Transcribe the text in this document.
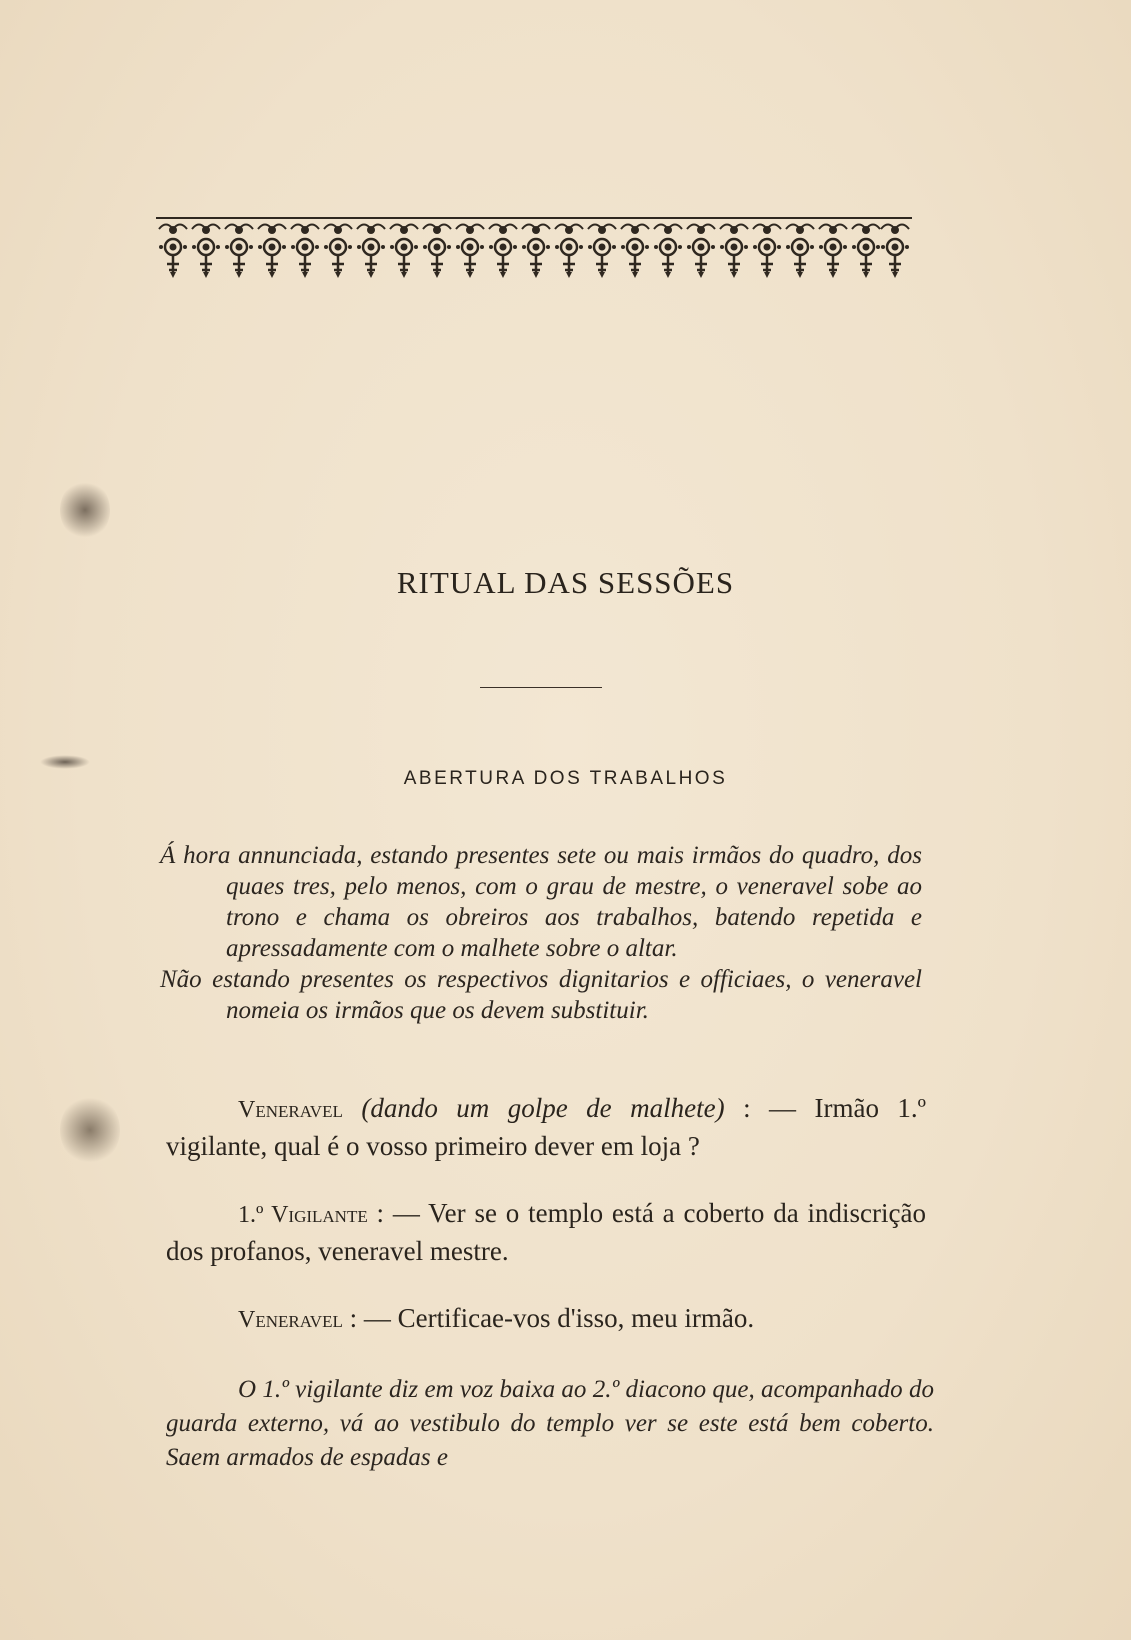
RITUAL DAS SESSÕES
ABERTURA DOS TRABALHOS

Á hora annunciada, estando presentes sete ou mais irmãos do quadro, dos quaes tres, pelo menos, com o grau de mestre, o veneravel sobe ao trono e chama os obreiros aos trabalhos, batendo repetida e apressadamente com o malhete sobre o altar.

Não estando presentes os respectivos dignitarios e officiaes, o veneravel nomeia os irmãos que os devem substituir.

Veneravel (dando um golpe de malhete) : — Irmão 1.º vigilante, qual é o vosso primeiro dever em loja ?
1.º Vigilante : — Ver se o templo está a coberto da indiscrição dos profanos, veneravel mestre.
Veneravel : — Certificae-vos d'isso, meu irmão.
O 1.º vigilante diz em voz baixa ao 2.º diacono que, acompanhado do guarda externo, vá ao vestibulo do templo ver se este está bem coberto. Saem armados de espadas e
